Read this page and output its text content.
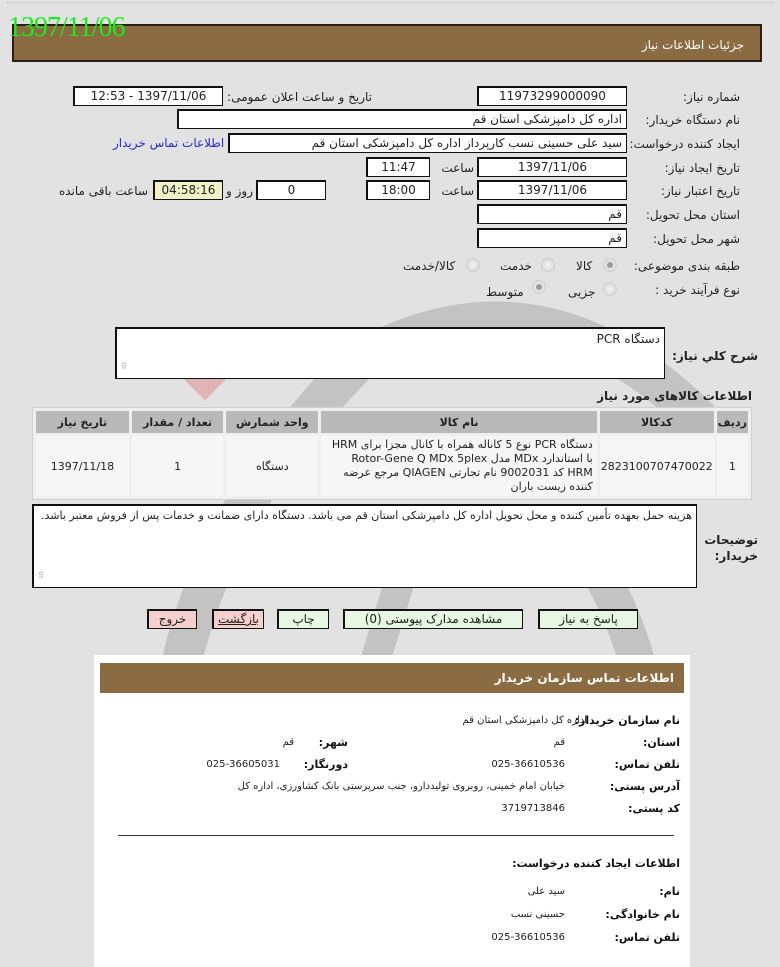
1397/11/06
جزئیات اطلاعات نیاز
شماره نیاز:
11973299000090
تاریخ و ساعت اعلان عمومی:
1397/11/06 - 12:53
نام دستگاه خریدار:
اداره کل دامپزشکی استان قم
ایجاد کننده درخواست:
سید علی حسینی نسب کارپرداز اداره کل دامپزشکی استان قم
اطلاعات تماس خریدار
تاریخ ایجاد نیاز:
1397/11/06
ساعت
11:47
تاریخ اعتبار نیاز:
1397/11/06
ساعت
18:00
0
روز و
04:58:16
ساعت باقی مانده
استان محل تحویل:
قم
شهر محل تحویل:
قم
طبقه بندی موضوعی:
کالا
خدمت
کالا/خدمت
نوع فرآیند خرید :
جزیی
متوسط
شرح کلي نياز:
دستگاه PCR
⠿
اطلاعات کالاهای مورد نیاز
ردیف	کدکالا	نام کالا	واحد شمارش	تعداد / مقدار	تاریخ نیاز
1	2823100707470022	دستگاه PCR نوع 5 کاناله همراه با کانال مجزا برای HRM با استاندارد MDx مدل Rotor-Gene Q MDx 5plex HRM کد 9002031 نام تجارتی QIAGEN مرجع عرضه کننده زیست باران	دستگاه	1	1397/11/18
توضیحات خریدار:
هزینه حمل بعهده تأمین کننده و محل تحویل اداره کل دامپزشکی استان قم می باشد. دستگاه دارای ضمانت و خدمات پس از فروش معتبر باشد.
⠿
پاسخ به نیاز
مشاهده مدارک پیوستی (0)
چاپ
بازگشت
خروج
اطلاعات تماس سازمان خریدار
نام سازمان خریدار:
اداره کل دامپزشکی استان قم
استان:
قم
شهر:
قم
تلفن تماس:
025-36610536
دورنگار:
025-36605031
آدرس پستی:
خیابان امام خمینی، روبروی تولیددارو، جنب سرپرستی بانک کشاورزی، اداره کل
کد پستی:
3719713846
اطلاعات ایجاد کننده درخواست:
نام:
سید علی
نام خانوادگی:
حسینی نسب
تلفن تماس:
025-36610536
